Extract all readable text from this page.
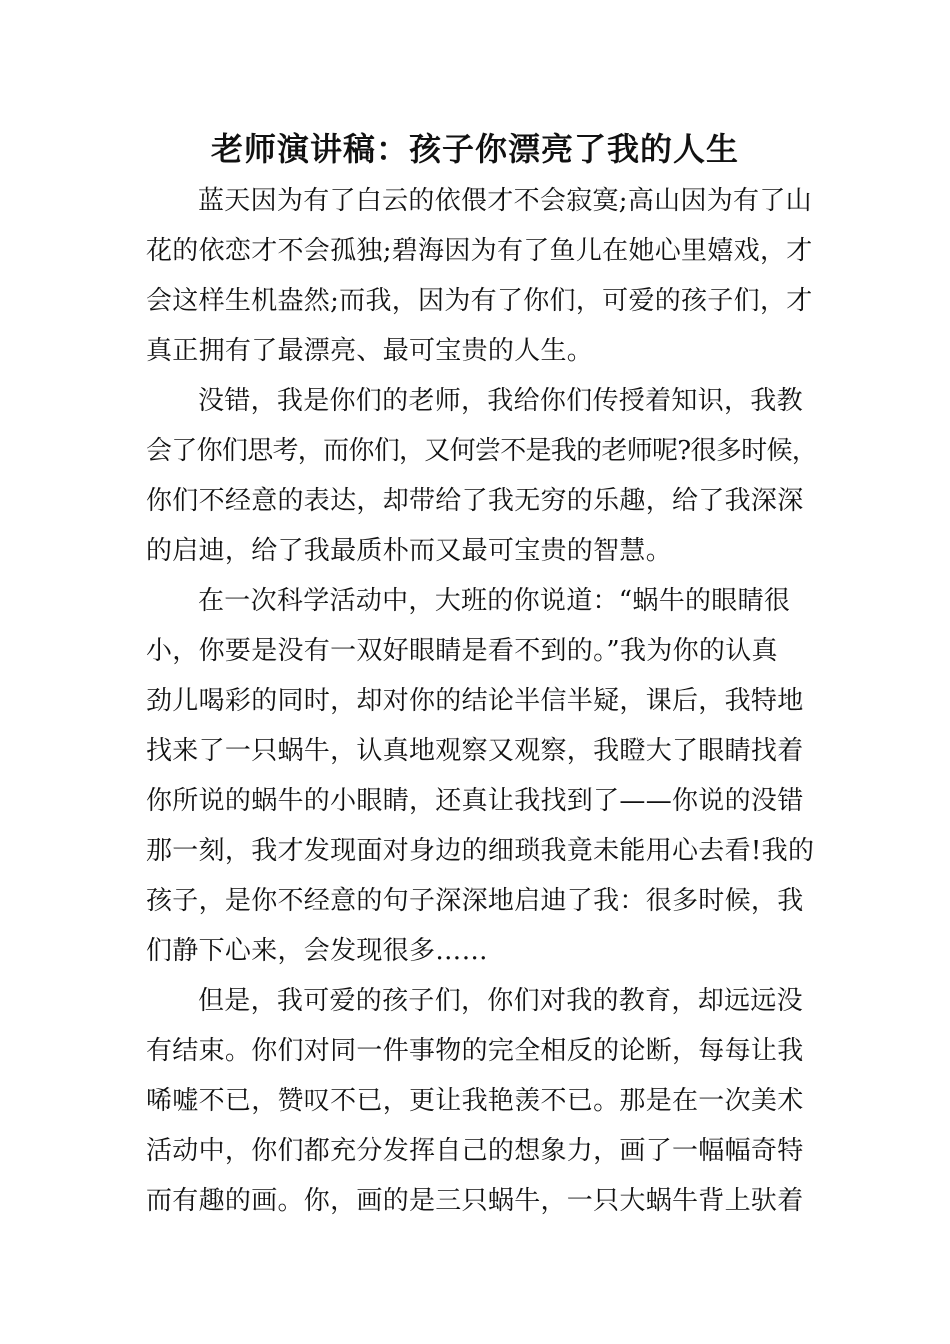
老师演讲稿：孩子你漂亮了我的人生
蓝天因为有了白云的依偎才不会寂寞;高山因为有了山
花的依恋才不会孤独;碧海因为有了鱼儿在她心里嬉戏，才
会这样生机盎然;而我，因为有了你们，可爱的孩子们，才
真正拥有了最漂亮、最可宝贵的人生。
没错，我是你们的老师，我给你们传授着知识，我教
会了你们思考，而你们，又何尝不是我的老师呢?很多时候，
你们不经意的表达，却带给了我无穷的乐趣，给了我深深
的启迪，给了我最质朴而又最可宝贵的智慧。
在一次科学活动中，大班的你说道：“蜗牛的眼睛很
小，你要是没有一双好眼睛是看不到的。”我为你的认真
劲儿喝彩的同时，却对你的结论半信半疑，课后，我特地
找来了一只蜗牛，认真地观察又观察，我瞪大了眼睛找着
你所说的蜗牛的小眼睛，还真让我找到了——你说的没错
那一刻，我才发现面对身边的细琐我竟未能用心去看!我的
孩子，是你不经意的句子深深地启迪了我：很多时候，我
们静下心来，会发现很多……
但是，我可爱的孩子们，你们对我的教育，却远远没
有结束。你们对同一件事物的完全相反的论断，每每让我
唏嘘不已，赞叹不已，更让我艳羡不已。那是在一次美术
活动中，你们都充分发挥自己的想象力，画了一幅幅奇特
而有趣的画。你，画的是三只蜗牛，一只大蜗牛背上驮着
